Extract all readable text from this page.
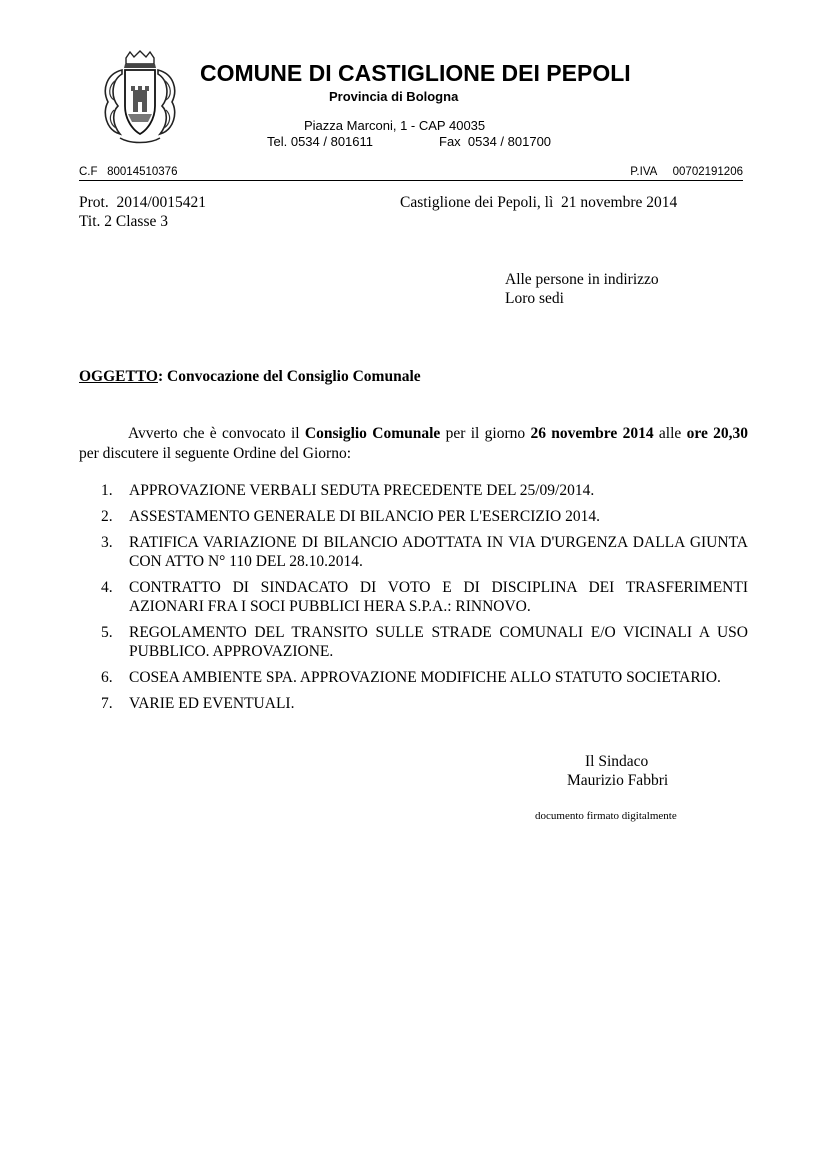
COMUNE DI CASTIGLIONE DEI PEPOLI
Provincia di Bologna
Piazza Marconi, 1 - CAP 40035
Tel. 0534 / 801611	Fax  0534 / 801700
C.F   80014510376	P.IVA     00702191206
Prot.  2014/0015421
Tit. 2 Classe 3
Castiglione dei Pepoli, lì  21 novembre 2014
Alle persone in indirizzo
Loro sedi
OGGETTO: Convocazione del Consiglio Comunale

Avverto che è convocato il Consiglio Comunale per il giorno 26 novembre 2014 alle ore 20,30 per discutere il seguente Ordine del Giorno:

1. APPROVAZIONE VERBALI SEDUTA PRECEDENTE DEL 25/09/2014.
2. ASSESTAMENTO GENERALE DI BILANCIO PER L'ESERCIZIO 2014.
3. RATIFICA VARIAZIONE DI BILANCIO ADOTTATA IN VIA D'URGENZA DALLA GIUNTA CON ATTO N° 110 DEL 28.10.2014.
4. CONTRATTO DI SINDACATO DI VOTO E DI DISCIPLINA DEI TRASFERIMENTI AZIONARI FRA I SOCI PUBBLICI HERA S.P.A.: RINNOVO.
5. REGOLAMENTO DEL TRANSITO SULLE STRADE COMUNALI E/O VICINALI A USO PUBBLICO. APPROVAZIONE.
6. COSEA AMBIENTE SPA. APPROVAZIONE MODIFICHE ALLO STATUTO SOCIETARIO.
7. VARIE ED EVENTUALI.
Il Sindaco
Maurizio Fabbri
documento firmato digitalmente
